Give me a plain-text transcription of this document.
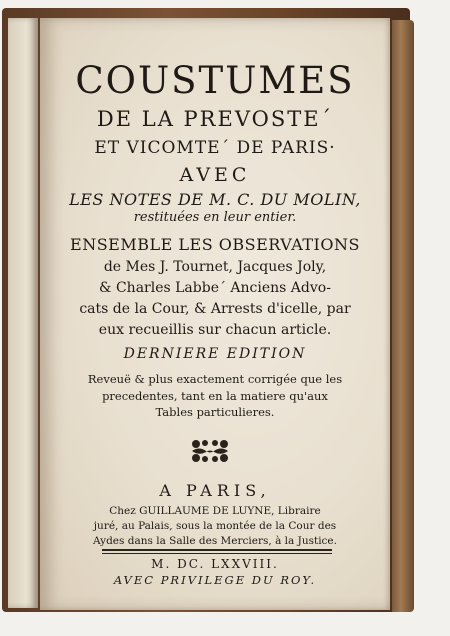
COUSTUMES
DE LA PREVOSTE´
ET VICOMTE´ DE PARIS·
AVEC
LES NOTES DE M. C. DU MOLIN,
restituées en leur entier.
ENSEMBLE LES OBSERVATIONS
de Mes J. Tournet, Jacques Joly,
& Charles Labbe´ Anciens Advo-
cats de la Cour, & Arrests d'icelle, par
eux recueillis sur chacun article.
DERNIERE EDITION
Reveuë & plus exactement corrigée que les
precedentes, tant en la matiere qu'aux
Tables particulieres.
A PARIS,
Chez GUILLAUME DE LUYNE, Libraire
juré, au Palais, sous la montée de la Cour des
Aydes dans la Salle des Merciers, à la Justice.
M. DC. LXXVIII.
AVEC PRIVILEGE DU ROY.
